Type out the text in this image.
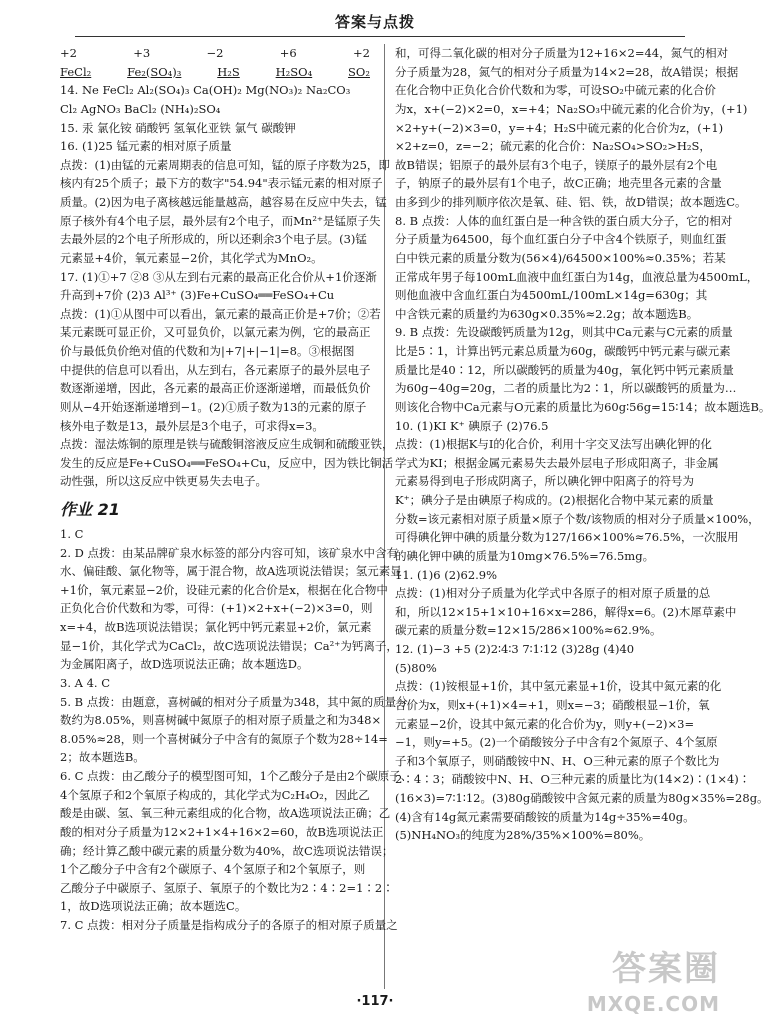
答案与点拨
+2	+3	−2	+6	+2
FeCl₂	Fe₂(SO₄)₃	H₂S	H₂SO₄	SO₂
14. Ne FeCl₂ Al₂(SO₄)₃ Ca(OH)₂ Mg(NO₃)₂ Na₂CO₃
Cl₂ AgNO₃ BaCl₂ (NH₄)₂SO₄
15. 汞 氯化铵 硝酸钙 氢氧化亚铁 氯气 碳酸钾
16. (1)25 锰元素的相对原子质量
点拨：(1)由锰的元素周期表的信息可知，锰的原子序数为25，即
核内有25个质子；最下方的数字"54.94"表示锰元素的相对原子
质量。(2)因为电子离核越远能量越高，越容易在反应中失去，锰
原子核外有4个电子层，最外层有2个电子，而Mn²⁺是锰原子失
去最外层的2个电子所形成的，所以还剩余3个电子层。(3)锰
元素显+4价，氧元素显−2价，其化学式为MnO₂。
17. (1)①+7 ②8 ③从左到右元素的最高正化合价从+1价逐渐
升高到+7价 (2)3 Al³⁺ (3)Fe+CuSO₄══FeSO₄+Cu
点拨：(1)①从图中可以看出，氯元素的最高正价是+7价；②若
某元素既可显正价，又可显负价，以氯元素为例，它的最高正
价与最低负价绝对值的代数和为|+7|+|−1|=8。③根据图
中提供的信息可以看出，从左到右，各元素原子的最外层电子
数逐渐递增，因此，各元素的最高正价逐渐递增，而最低负价
则从−4开始逐渐递增到−1。(2)①质子数为13的元素的原子
核外电子数是13，最外层是3个电子，可求得x=3。
点拨：湿法炼铜的原理是铁与硫酸铜溶液反应生成铜和硫酸亚铁，
发生的反应是Fe+CuSO₄══FeSO₄+Cu，反应中，因为铁比铜活
动性强，所以这反应中铁更易失去电子。
作业 21
1. C
2. D 点拨：由某品牌矿泉水标签的部分内容可知，该矿泉水中含有
水、偏硅酸、氯化物等，属于混合物，故A选项说法错误；氢元素显
+1价，氧元素显−2价，设硅元素的化合价是x，根据在化合物中
正负化合价代数和为零，可得：(+1)×2+x+(−2)×3=0，则
x=+4，故B选项说法错误；氯化钙中钙元素显+2价，氯元素
显−1价，其化学式为CaCl₂，故C选项说法错误；Ca²⁺为钙离子，
为金属阳离子，故D选项说法正确；故本题选D。
3. A 4. C
5. B 点拨：由题意，喜树碱的相对分子质量为348，其中氮的质量分
数约为8.05%，则喜树碱中氮原子的相对原子质量之和为348×
8.05%≈28，则一个喜树碱分子中含有的氮原子个数为28÷14=
2；故本题选B。
6. C 点拨：由乙酸分子的模型图可知，1个乙酸分子是由2个碳原子、
4个氢原子和2个氧原子构成的，其化学式为C₂H₄O₂，因此乙
酸是由碳、氢、氧三种元素组成的化合物，故A选项说法正确；乙
酸的相对分子质量为12×2+1×4+16×2=60，故B选项说法正
确；经计算乙酸中碳元素的质量分数为40%，故C选项说法错误；
1个乙酸分子中含有2个碳原子、4个氢原子和2个氧原子，则
乙酸分子中碳原子、氢原子、氧原子的个数比为2∶4∶2=1∶2∶
1，故D选项说法正确；故本题选C。
7. C 点拨：相对分子质量是指构成分子的各原子的相对原子质量之
和，可得二氧化碳的相对分子质量为12+16×2=44，氮气的相对
分子质量为28，氮气的相对分子质量为14×2=28，故A错误；根据
在化合物中正负化合价代数和为零，可设SO₂中硫元素的化合价
为x，x+(−2)×2=0，x=+4；Na₂SO₃中硫元素的化合价为y，(+1)
×2+y+(−2)×3=0，y=+4；H₂S中硫元素的化合价为z，(+1)
×2+z=0，z=−2；硫元素的化合价：Na₂SO₄>SO₂>H₂S，
故B错误；铝原子的最外层有3个电子，镁原子的最外层有2个电
子，钠原子的最外层有1个电子，故C正确；地壳里各元素的含量
由多到少的排列顺序依次是氧、硅、铝、铁，故D错误；故本题选C。
8. B 点拨：人体的血红蛋白是一种含铁的蛋白质大分子，它的相对
分子质量为64500，每个血红蛋白分子中含4个铁原子，则血红蛋
白中铁元素的质量分数为(56×4)/64500×100%≈0.35%；若某
正常成年男子每100mL血液中血红蛋白为14g，血液总量为4500mL，
则他血液中含血红蛋白为4500mL/100mL×14g=630g；其
中含铁元素的质量约为630g×0.35%≈2.2g；故本题选B。
9. B 点拨：先设碳酸钙质量为12g，则其中Ca元素与C元素的质量
比是5∶1，计算出钙元素总质量为60g，碳酸钙中钙元素与碳元素
质量比是40∶12，所以碳酸钙的质量为40g，氧化钙中钙元素质量
为60g−40g=20g，二者的质量比为2∶1，所以碳酸钙的质量为…
则该化合物中Ca元素与O元素的质量比为60g∶56g=15∶14；故本题选B。
10. (1)KI K⁺ 碘原子 (2)76.5
点拨：(1)根据K与I的化合价，利用十字交叉法写出碘化钾的化
学式为KI；根据金属元素易失去最外层电子形成阳离子，非金属
元素易得到电子形成阴离子，所以碘化钾中阳离子的符号为
K⁺；碘分子是由碘原子构成的。(2)根据化合物中某元素的质量
分数=该元素相对原子质量×原子个数/该物质的相对分子质量×100%，
可得碘化钾中碘的质量分数为127/166×100%≈76.5%，一次服用
的碘化钾中碘的质量为10mg×76.5%=76.5mg。
11. (1)6 (2)62.9%
点拨：(1)相对分子质量为化学式中各原子的相对原子质量的总
和，所以12×15+1×10+16×x=286，解得x=6。(2)木犀草素中
碳元素的质量分数=12×15/286×100%≈62.9%。
12. (1)−3 +5 (2)2∶4∶3 7∶1∶12 (3)28g (4)40
(5)80%
点拨：(1)铵根显+1价，其中氢元素显+1价，设其中氮元素的化
合价为x，则x+(+1)×4=+1，则x=−3；硝酸根显−1价，氧
元素显−2价，设其中氮元素的化合价为y，则y+(−2)×3=
−1，则y=+5。(2)一个硝酸铵分子中含有2个氮原子、4个氢原
子和3个氧原子，则硝酸铵中N、H、O三种元素的原子个数比为
2∶4∶3；硝酸铵中N、H、O三种元素的质量比为(14×2)∶(1×4)∶
(16×3)=7∶1∶12。(3)80g硝酸铵中含氮元素的质量为80g×35%=28g。
(4)含有14g氮元素需要硝酸铵的质量为14g÷35%=40g。
(5)NH₄NO₃的纯度为28%/35%×100%=80%。
·117·
答案圈
MXQE.COM
